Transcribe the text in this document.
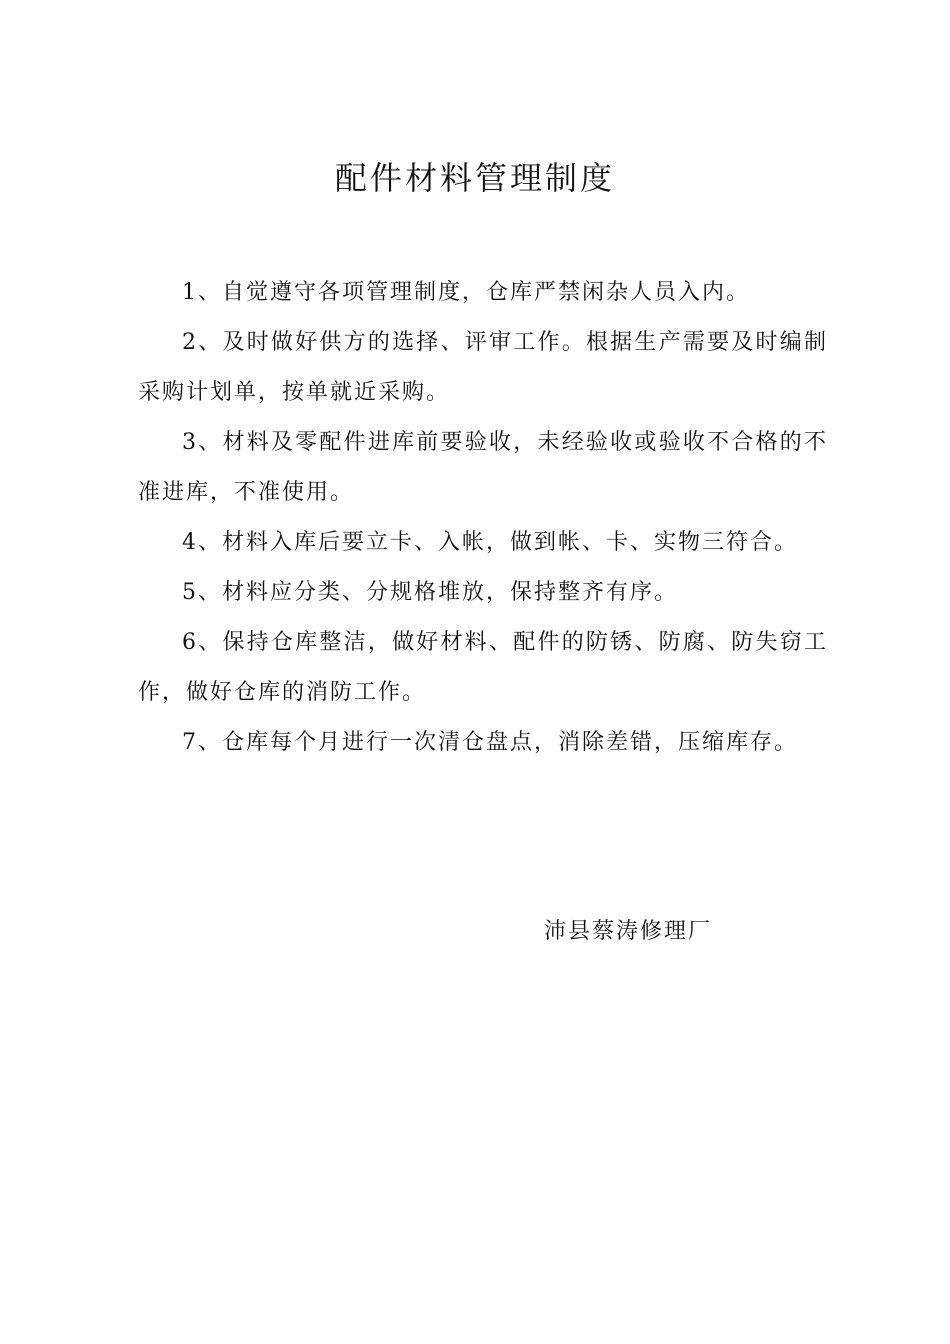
配件材料管理制度
1、自觉遵守各项管理制度，仓库严禁闲杂人员入内。
2、及时做好供方的选择、评审工作。根据生产需要及时编制采购计划单，按单就近采购。
3、材料及零配件进库前要验收，未经验收或验收不合格的不准进库，不准使用。
4、材料入库后要立卡、入帐，做到帐、卡、实物三符合。
5、材料应分类、分规格堆放，保持整齐有序。
6、保持仓库整洁，做好材料、配件的防锈、防腐、防失窃工作，做好仓库的消防工作。
7、仓库每个月进行一次清仓盘点，消除差错，压缩库存。

沛县蔡涛修理厂
